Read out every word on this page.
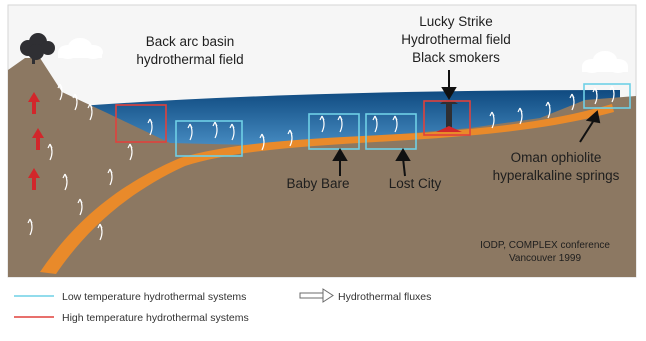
Back arc basin
hydrothermal field
Lucky Strike
Hydrothermal field
Black smokers
Baby Bare	Lost City
Oman ophiolite
hyperalkaline springs
IODP, COMPLEX conference
Vancouver 1999
Low temperature hydrothermal systems
High temperature hydrothermal systems
Hydrothermal fluxes
